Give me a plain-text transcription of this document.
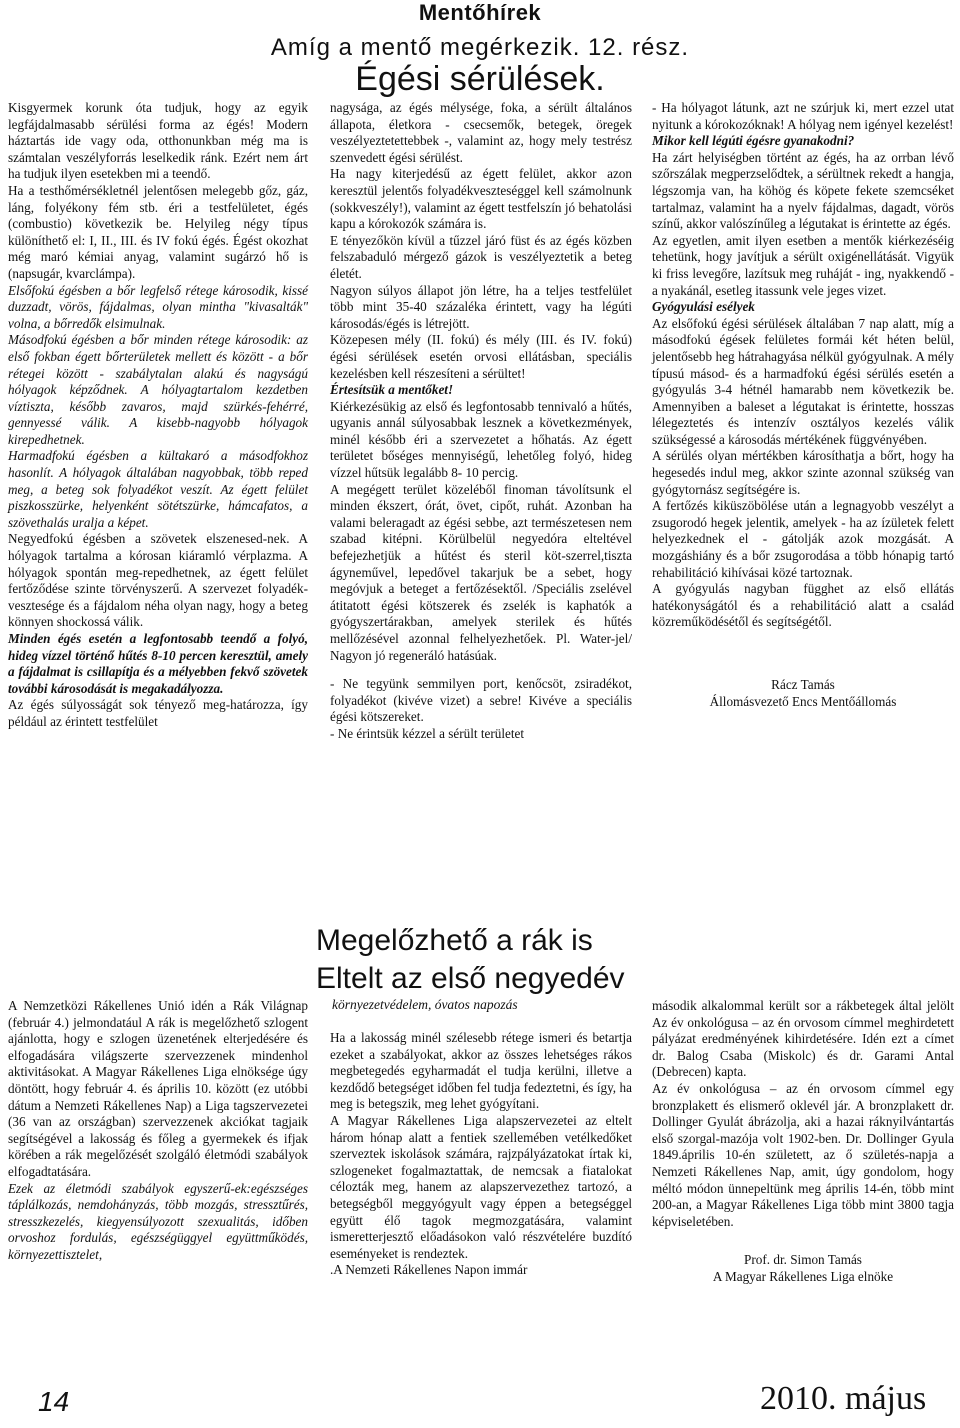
Mentőhírek
Amíg a mentő megérkezik. 12. rész.
Égési sérülések.

Kisgyermek korunk óta tudjuk, hogy az egyik legfájdalmasabb sérülési forma az égés! Modern háztartás ide vagy oda, otthonunkban még ma is számtalan veszélyforrás leselkedik ránk. Ezért nem árt ha tudjuk ilyen esetekben mi a teendő.

Ha a testhőmérsékletnél jelentősen melegebb gőz, gáz, láng, folyékony fém stb. éri a testfelületet, égés (combustio) következik be. Helyileg négy típus különíthető el: I, II., III. és IV fokú égés. Égést okozhat még maró kémiai anyag, valamint sugárzó hő is (napsugár, kvarclámpa).

Elsőfokú égésben a bőr legfelső rétege károsodik, kissé duzzadt, vörös, fájdalmas, olyan mintha "kivasalták" volna, a bőrredők elsimulnak.

Másodfokú égésben a bőr minden rétege károsodik: az első fokban égett bőrterületek mellett és között - a bőr rétegei között - szabálytalan alakú és nagyságú hólyagok képződnek. A hólyagtartalom kezdetben víztiszta, később zavaros, majd szürkés-fehérré, gennyessé válik. A kisebb-nagyobb hólyagok kirepedhetnek.

Harmadfokú égésben a kültakaró a másodfokhoz hasonlít. A hólyagok általában nagyobbak, több reped meg, a beteg sok folyadékot veszít. Az égett felület piszkosszürke, helyenként sötétszürke, hámcafatos, a szövethalás uralja a képet.

Negyedfokú égésben a szövetek elszenesed-nek. A hólyagok tartalma a kórosan kiáramló vérplazma. A hólyagok spontán meg-repedhetnek, az égett felület fertőződése szinte törvényszerű. A szervezet folyadék-vesztesége és a fájdalom néha olyan nagy, hogy a beteg könnyen shockossá válik.

Minden égés esetén a legfontosabb teendő a folyó, hideg vízzel történő hűtés 8-10 percen keresztül, amely a fájdalmat is csillapítja és a mélyebben fekvő szövetek további károsodását is megakadályozza.

Az égés súlyosságát sok tényező meg-határozza, így például az érintett testfelület

nagysága, az égés mélysége, foka, a sérült általános állapota, életkora - csecsemők, betegek, öregek veszélyeztetettebbek -, valamint az, hogy mely testrész szenvedett égési sérülést.

Ha nagy kiterjedésű az égett felület, akkor azon keresztül jelentős folyadékveszteséggel kell számolnunk (sokkveszély!), valamint az égett testfelszín jó behatolási kapu a kórokozók számára is.

E tényezőkön kívül a tűzzel járó füst és az égés közben felszabaduló mérgező gázok is veszélyeztetik a beteg életét.

Nagyon súlyos állapot jön létre, ha a teljes testfelület több mint 35-40 százaléka érintett, vagy ha légúti károsodás/égés is létrejött.

Közepesen mély (II. fokú) és mély (III. és IV. fokú) égési sérülések esetén orvosi ellátásban, speciális kezelésben kell részesíteni a sérültet!

Értesítsük a mentőket!

Kiérkezésükig az első és legfontosabb tennivaló a hűtés, ugyanis annál súlyosabbak lesznek a következmények, minél később éri a szervezetet a hőhatás. Az égett területet bőséges mennyiségű, lehetőleg folyó, hideg vízzel hűtsük legalább 8- 10 percig.

A megégett terület közeléből finoman távolítsunk el minden ékszert, órát, övet, cipőt, ruhát. Azonban ha valami beleragadt az égési sebbe, azt természetesen nem szabad kitépni. Körülbelül negyedóra elteltével befejezhetjük a hűtést és steril köt-szerrel,tiszta ágyneművel, lepedővel takarjuk be a sebet, hogy megóvjuk a beteget a fertőzésektől. /Speciális zselével átitatott égési kötszerek és zselék is kaphatók a gyógyszertárakban, amelyek sterilek és hűtés mellőzésével azonnal felhelyezhetőek. Pl. Water-jel/ Nagyon jó regeneráló hatásúak.

- Ne tegyünk semmilyen port, kenőcsöt, zsiradékot, folyadékot (kivéve vizet) a sebre! Kivéve a speciális égési kötszereket.

- Ne érintsük kézzel a sérült területet

- Ha hólyagot látunk, azt ne szúrjuk ki, mert ezzel utat nyitunk a kórokozóknak! A hólyag nem igényel kezelést!

Mikor kell légúti égésre gyanakodni?

Ha zárt helyiségben történt az égés, ha az orrban lévő szőrszálak megperzselődtek, a sérültnek rekedt a hangja, légszomja van, ha köhög és köpete fekete szemcséket tartalmaz, valamint ha a nyelv fájdalmas, dagadt, vörös színű, akkor valószínűleg a légutakat is érintette az égés.

Az egyetlen, amit ilyen esetben a mentők kiérkezéséig tehetünk, hogy javítjuk a sérült oxigénellátását. Vigyük ki friss levegőre, lazítsuk meg ruháját - ing, nyakkendő - a nyakánál, esetleg itassunk vele jeges vizet.

Gyógyulási esélyek

Az elsőfokú égési sérülések általában 7 nap alatt, míg a másodfokú égések felületes formái két héten belül, jelentősebb heg hátrahagyása nélkül gyógyulnak. A mély típusú másod- és a harmadfokú égési sérülés esetén a gyógyulás 3-4 hétnél hamarabb nem következik be. Amennyiben a baleset a légutakat is érintette, hosszas lélegeztetés és intenzív osztályos kezelés válik szükségessé a károsodás mértékének függvényében.

A sérülés olyan mértékben károsíthatja a bőrt, hogy ha hegesedés indul meg, akkor szinte azonnal szükség van gyógytornász segítségére is.

A fertőzés kiküszöbölése után a legnagyobb veszélyt a zsugorodó hegek jelentik, amelyek - ha az ízületek felett helyezkednek el - gátolják azok mozgását. A mozgáshiány és a bőr zsugorodása a több hónapig tartó rehabilitáció kihívásai közé tartoznak.

A gyógyulás nagyban függhet az első ellátás hatékonyságától és a rehabilitáció alatt a család közreműködésétől és segítségétől.

Rácz Tamás
Állomásvezető Encs Mentőállomás
Megelőzhető a rák is
Eltelt az első negyedév
környezetvédelem, óvatos napozás

A Nemzetközi Rákellenes Unió idén a Rák Világnap (február 4.) jelmondatául A rák is megelőzhető szlogent ajánlotta, hogy e szlogen üzenetének elterjedésére és elfogadására világszerte szervezzenek mindenhol aktivitásokat. A Magyar Rákellenes Liga elnöksége úgy döntött, hogy február 4. és április 10. között (ez utóbbi dátum a Nemzeti Rákellenes Nap) a Liga tagszervezetei (36 van az országban) szervezzenek akciókat tagjaik segítségével a lakosság és főleg a gyermekek és ifjak körében a rák megelőzését szolgáló életmódi szabályok elfogadtatására.

Ezek az életmódi szabályok egyszerű-ek:egészséges táplálkozás, nemdohányzás, több mozgás, stressztűrés, stresszkezelés, kiegyensúlyozott szexualitás, időben orvoshoz fordulás, egészségüggyel együttműködés, környezettisztelet,

Ha a lakosság minél szélesebb rétege ismeri és betartja ezeket a szabályokat, akkor az összes lehetséges rákos megbetegedés egyharmadát el tudja kerülni, illetve a kezdődő betegséget időben fel tudja fedeztetni, és így, ha meg is betegszik, meg lehet gyógyítani.

A Magyar Rákellenes Liga alapszervezetei az eltelt három hónap alatt a fentiek szellemében vetélkedőket szerveztek iskolások számára, rajzpályázatokat írtak ki, szlogeneket fogalmaztattak, de nemcsak a fiatalokat célozták meg, hanem az alapszervezethez tartozó, a betegségből meggyógyult vagy éppen a betegséggel együtt élő tagok megmozgatására, valamint ismeretterjesztő előadásokon való részvételére buzdító eseményeket is rendeztek.

.A Nemzeti Rákellenes Napon immár

második alkalommal került sor a rákbetegek által jelölt Az év onkológusa – az én orvosom címmel meghirdetett pályázat eredményének kihirdetésére. Idén ezt a címet dr. Balog Csaba (Miskolc) és dr. Garami Antal (Debrecen) kapta.

Az év onkológusa – az én orvosom címmel egy bronzplakett és elismerő oklevél jár. A bronzplakett dr. Dollinger Gyulát ábrázolja, aki a hazai ráknyilvántartás első szorgal-mazója volt 1902-ben. Dr. Dollinger Gyula 1849.április 10-én született, az ő születés-napja a Nemzeti Rákellenes Nap, amit, úgy gondolom, hogy méltó módon ünnepeltünk meg április 14-én, több mint 200-an, a Magyar Rákellenes Liga több mint 3800 tagja képviseletében.

Prof. dr. Simon Tamás
A Magyar Rákellenes Liga elnöke
14	2010. május
